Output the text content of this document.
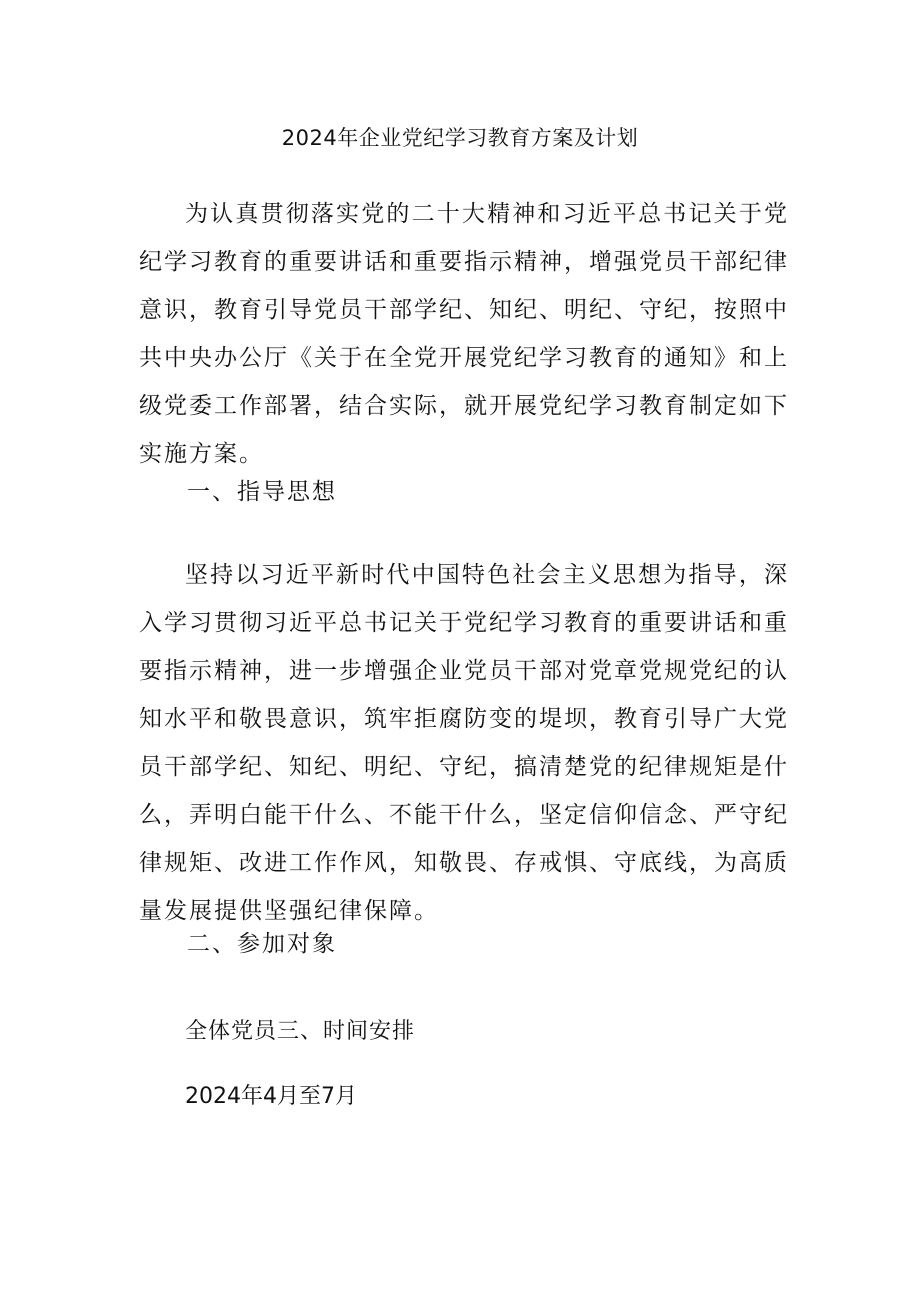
2024年企业党纪学习教育方案及计划

为认真贯彻落实党的二十大精神和习近平总书记关于党纪学习教育的重要讲话和重要指示精神，增强党员干部纪律意识，教育引导党员干部学纪、知纪、明纪、守纪，按照中共中央办公厅《关于在全党开展党纪学习教育的通知》和上级党委工作部署，结合实际，就开展党纪学习教育制定如下实施方案。

一、指导思想

坚持以习近平新时代中国特色社会主义思想为指导，深入学习贯彻习近平总书记关于党纪学习教育的重要讲话和重要指示精神，进一步增强企业党员干部对党章党规党纪的认知水平和敬畏意识，筑牢拒腐防变的堤坝，教育引导广大党员干部学纪、知纪、明纪、守纪，搞清楚党的纪律规矩是什么，弄明白能干什么、不能干什么，坚定信仰信念、严守纪律规矩、改进工作作风，知敬畏、存戒惧、守底线，为高质量发展提供坚强纪律保障。

二、参加对象

全体党员三、时间安排

2024年4月至7月
